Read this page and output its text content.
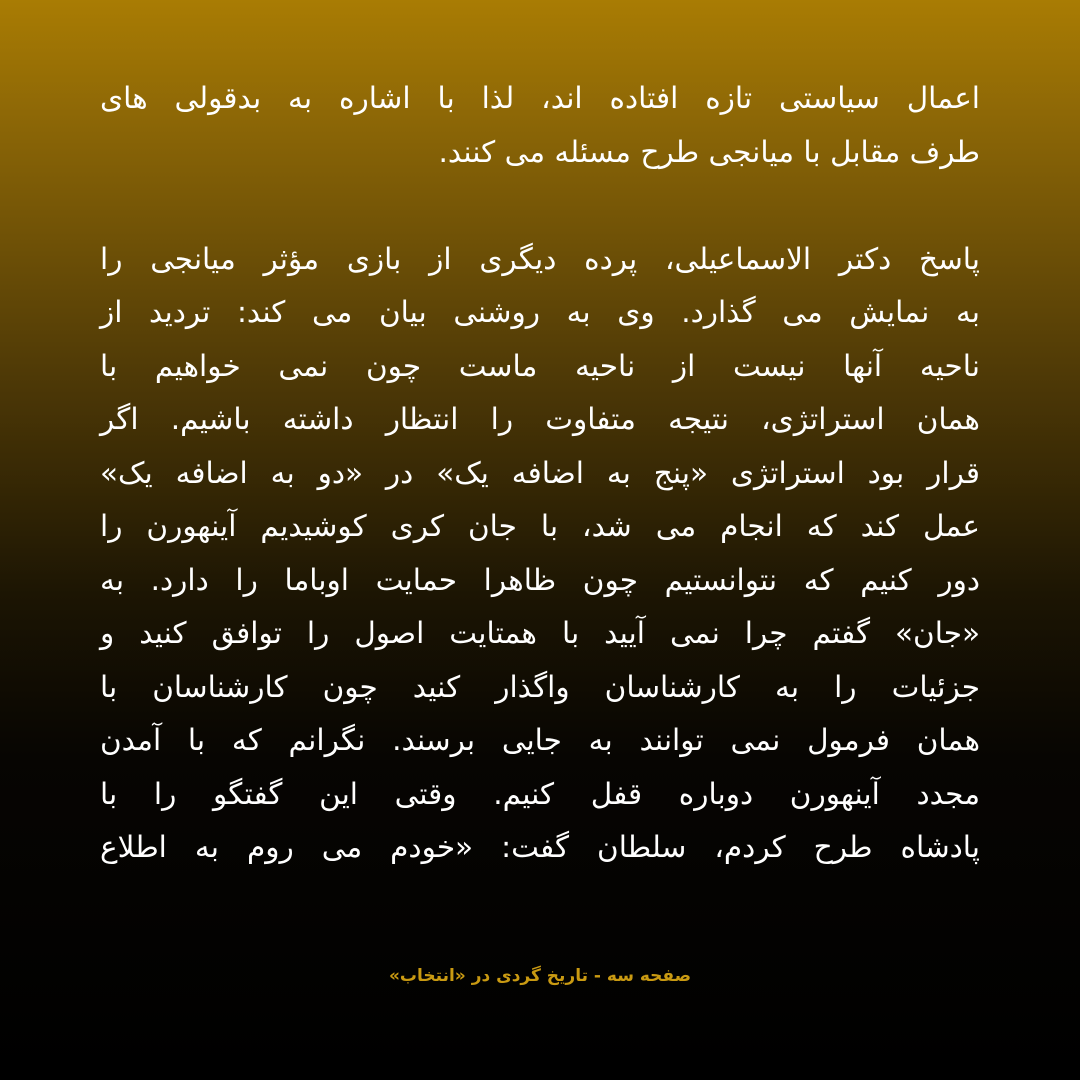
اعمال سیاستی تازه افتاده اند، لذا با اشاره به بدقولی های
طرف مقابل با میانجی طرح مسئله می کنند.
پاسخ دکتر الاسماعیلی، پرده دیگری از بازی مؤثر میانجی را
به نمایش می گذارد. وی به روشنی بیان می کند: تردید از
ناحیه آنها نیست از ناحیه ماست چون نمی خواهیم با
همان استراتژی، نتیجه متفاوت را انتظار داشته باشیم. اگر
قرار بود استراتژی «پنج به اضافه یک» در «دو به اضافه یک»
عمل کند که انجام می شد، با جان کری کوشیدیم آینهورن را
دور کنیم که نتوانستیم چون ظاهرا حمایت اوباما را دارد. به
«جان» گفتم چرا نمی آیید با همتایت اصول را توافق کنید و
جزئیات را به کارشناسان واگذار کنید چون کارشناسان با
همان فرمول نمی توانند به جایی برسند. نگرانم که با آمدن
مجدد آینهورن دوباره قفل کنیم. وقتی این گفتگو را با
پادشاه طرح کردم، سلطان گفت: «خودم می روم به اطلاع
صفحه سه - تاریخ گردی در «انتخاب»
